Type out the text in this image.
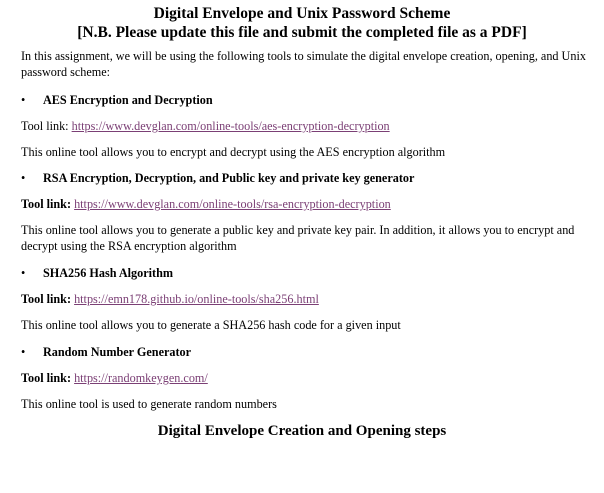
Digital Envelope and Unix Password Scheme
[N.B. Please update this file and submit the completed file as a PDF]
In this assignment, we will be using the following tools to simulate the digital envelope creation, opening, and Unix password scheme:
• AES Encryption and Decryption
Tool link: https://www.devglan.com/online-tools/aes-encryption-decryption
This online tool allows you to encrypt and decrypt using the AES encryption algorithm
• RSA Encryption, Decryption, and Public key and private key generator
Tool link: https://www.devglan.com/online-tools/rsa-encryption-decryption
This online tool allows you to generate a public key and private key pair. In addition, it allows you to encrypt and decrypt using the RSA encryption algorithm
• SHA256 Hash Algorithm
Tool link: https://emn178.github.io/online-tools/sha256.html
This online tool allows you to generate a SHA256 hash code for a given input
• Random Number Generator
Tool link: https://randomkeygen.com/
This online tool is used to generate random numbers
Digital Envelope Creation and Opening steps
